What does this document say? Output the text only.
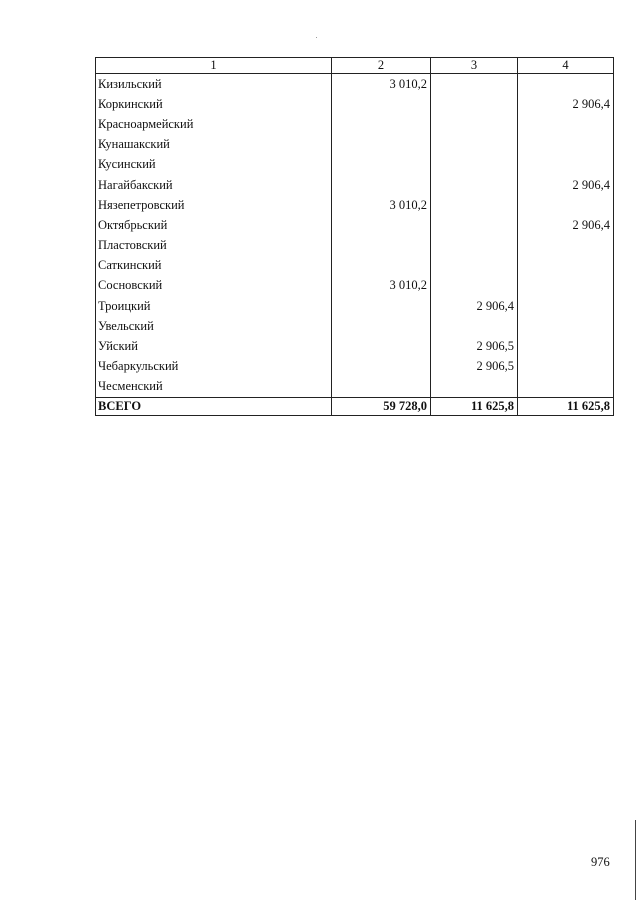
1	2	3	4
Кизильский	3 010,2		
Коркинский			2 906,4
Красноармейский			
Кунашакский			
Кусинский			
Нагайбакский			2 906,4
Нязепетровский	3 010,2		
Октябрьский			2 906,4
Пластовский			
Саткинский			
Сосновский	3 010,2		
Троицкий		2 906,4	
Увельский			
Уйский		2 906,5	
Чебаркульский		2 906,5	
Чесменский			
ВСЕГО	59 728,0	11 625,8	11 625,8
976
